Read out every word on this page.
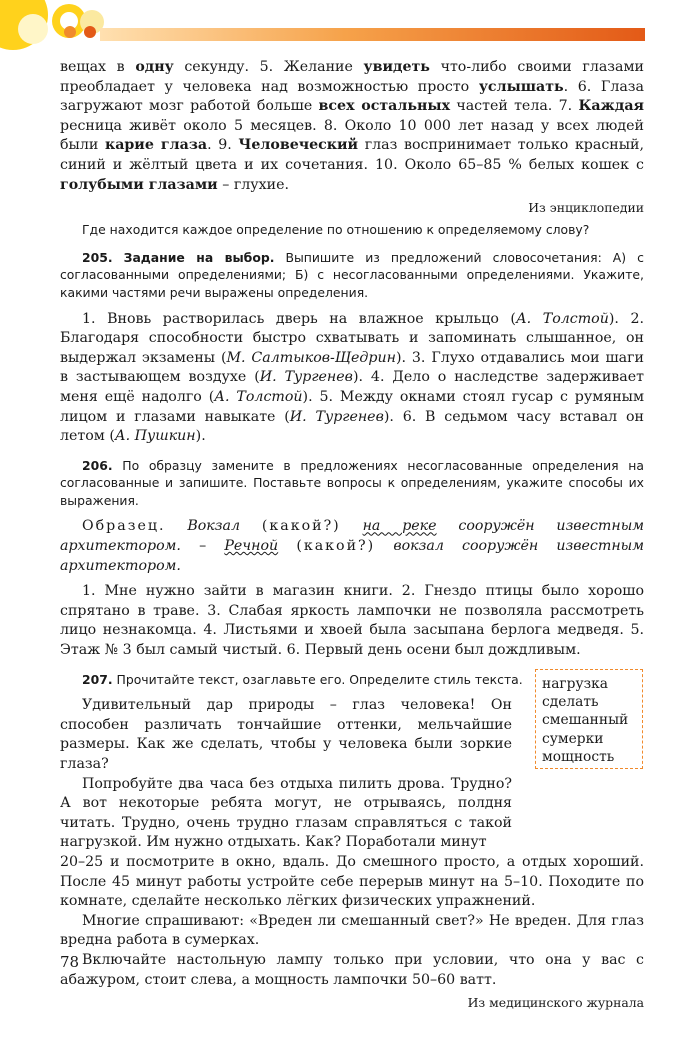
вещах в одну секунду. 5. Желание увидеть что-либо своими глазами преобладает у человека над возможностью просто услышать. 6. Глаза загружают мозг работой больше всех остальных частей тела. 7. Каждая ресница живёт около 5 месяцев. 8. Около 10 000 лет назад у всех людей были карие глаза. 9. Человеческий глаз воспринимает только красный, синий и жёлтый цвета и их сочетания. 10. Около 65–85 % белых кошек с голубыми глазами – глухие.

Из энциклопедии

Где находится каждое определение по отношению к определяемому слову?

205. Задание на выбор. Выпишите из предложений словосочетания: А) с согласованными определениями; Б) с несогласованными определениями. Укажите, какими частями речи выражены определения.

1. Вновь растворилась дверь на влажное крыльцо (А. Толстой). 2. Благодаря способности быстро схватывать и запоминать слышанное, он выдержал экзамены (М. Салтыков-Щедрин). 3. Глухо отдавались мои шаги в застывающем воздухе (И. Тургенев). 4. Дело о наследстве задерживает меня ещё надолго (А. Толстой). 5. Между окнами стоял гусар с румяным лицом и глазами навыкате (И. Тургенев). 6. В седьмом часу вставал он летом (А. Пушкин).

206. По образцу замените в предложениях несогласованные определения на согласованные и запишите. Поставьте вопросы к определениям, укажите способы их выражения.

Образец. Вокзал (какой?) на реке сооружён известным архитектором. – Речной (какой?) вокзал сооружён известным архитектором.

1. Мне нужно зайти в магазин книги. 2. Гнездо птицы было хорошо спрятано в траве. 3. Слабая яркость лампочки не позволяла рассмотреть лицо незнакомца. 4. Листьями и хвоей была засыпана берлога медведя. 5. Этаж № 3 был самый чистый. 6. Первый день осени был дождливым.

207. Прочитайте текст, озаглавьте его. Определите стиль текста.

Удивительный дар природы – глаз человека! Он способен различать тончайшие оттенки, мельчайшие размеры. Как же сделать, чтобы у человека были зоркие глаза?

Попробуйте два часа без отдыха пилить дрова. Трудно? А вот некоторые ребята могут, не отрываясь, полдня читать. Трудно, очень трудно глазам справляться с такой нагрузкой. Им нужно отдыхать. Как? Поработали минут

20–25 и посмотрите в окно, вдаль. До смешного просто, а отдых хороший. После 45 минут работы устройте себе перерыв минут на 5–10. Походите по комнате, сделайте несколько лёгких физических упражнений.

Многие спрашивают: «Вреден ли смешанный свет?» Не вреден. Для глаз вредна работа в сумерках.

Включайте настольную лампу только при условии, что она у вас с абажуром, стоит слева, а мощность лампочки 50–60 ватт.

Из медицинского журнала

нагрузка
сделать
смешанный
сумерки
мощность
78
